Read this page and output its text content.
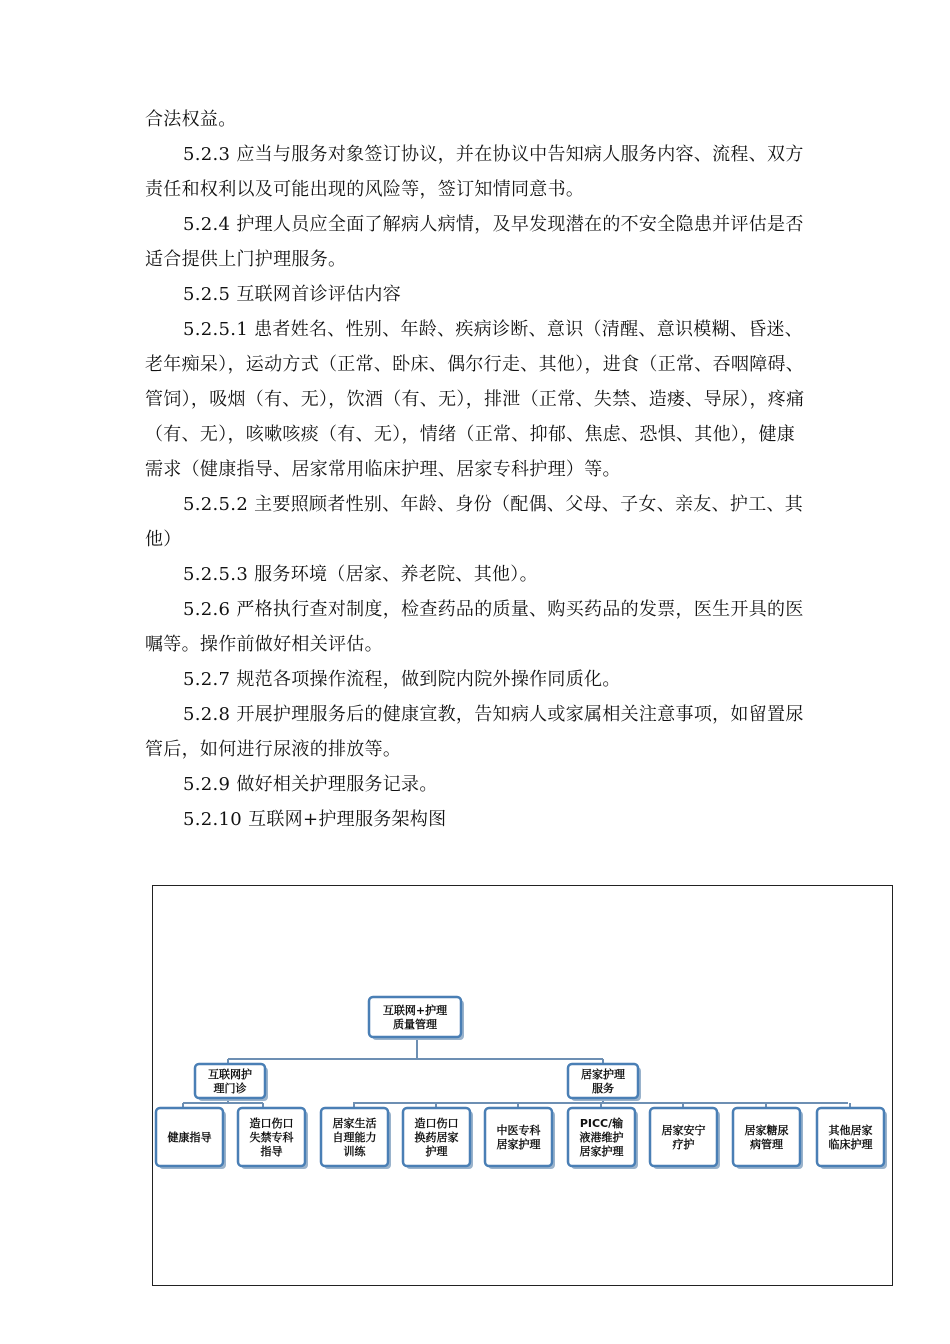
合法权益。

5.2.3 应当与服务对象签订协议，并在协议中告知病人服务内容、流程、双方责任和权利以及可能出现的风险等，签订知情同意书。

5.2.4 护理人员应全面了解病人病情，及早发现潜在的不安全隐患并评估是否适合提供上门护理服务。

5.2.5 互联网首诊评估内容

5.2.5.1 患者姓名、性别、年龄、疾病诊断、意识（清醒、意识模糊、昏迷、老年痴呆），运动方式（正常、卧床、偶尔行走、其他），进食（正常、吞咽障碍、管饲），吸烟（有、无），饮酒（有、无），排泄（正常、失禁、造瘘、导尿），疼痛（有、无），咳嗽咳痰（有、无），情绪（正常、抑郁、焦虑、恐惧、其他），健康需求（健康指导、居家常用临床护理、居家专科护理）等。

5.2.5.2 主要照顾者性别、年龄、身份（配偶、父母、子女、亲友、护工、其他）

5.2.5.3 服务环境（居家、养老院、其他）。

5.2.6 严格执行查对制度，检查药品的质量、购买药品的发票，医生开具的医嘱等。操作前做好相关评估。

5.2.7 规范各项操作流程，做到院内院外操作同质化。

5.2.8 开展护理服务后的健康宣教，告知病人或家属相关注意事项，如留置尿管后，如何进行尿液的排放等。

5.2.9 做好相关护理服务记录。

5.2.10 互联网+护理服务架构图

互联网+护理
质量管理
互联网护
理门诊
居家护理
服务
健康指导
造口伤口
失禁专科
指导
居家生活
自理能力
训练
造口伤口
换药居家
护理
中医专科
居家护理
PICC/输
液港维护
居家护理
居家安宁
疗护
居家糖尿
病管理
其他居家
临床护理
